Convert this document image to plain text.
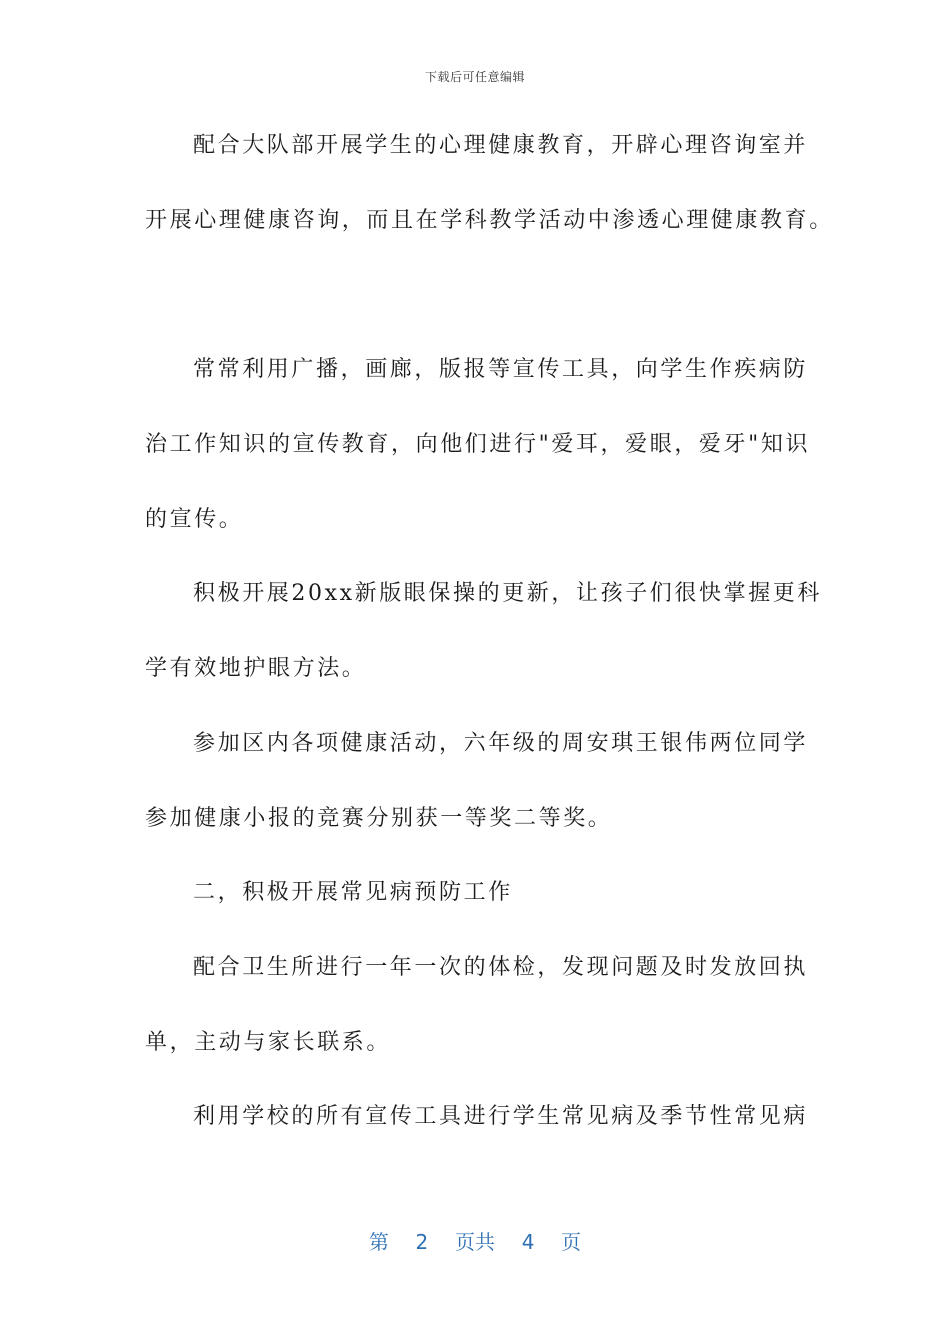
下载后可任意编辑
配合大队部开展学生的心理健康教育，开辟心理咨询室并
开展心理健康咨询，而且在学科教学活动中渗透心理健康教育。
常常利用广播，画廊，版报等宣传工具，向学生作疾病防
治工作知识的宣传教育，向他们进行"爱耳，爱眼，爱牙"知识
的宣传。
积极开展20xx新版眼保操的更新，让孩子们很快掌握更科
学有效地护眼方法。
参加区内各项健康活动，六年级的周安琪王银伟两位同学
参加健康小报的竞赛分别获一等奖二等奖。
二，积极开展常见病预防工作
配合卫生所进行一年一次的体检，发现问题及时发放回执
单，主动与家长联系。
利用学校的所有宣传工具进行学生常见病及季节性常见病
第 2 页共 4 页
